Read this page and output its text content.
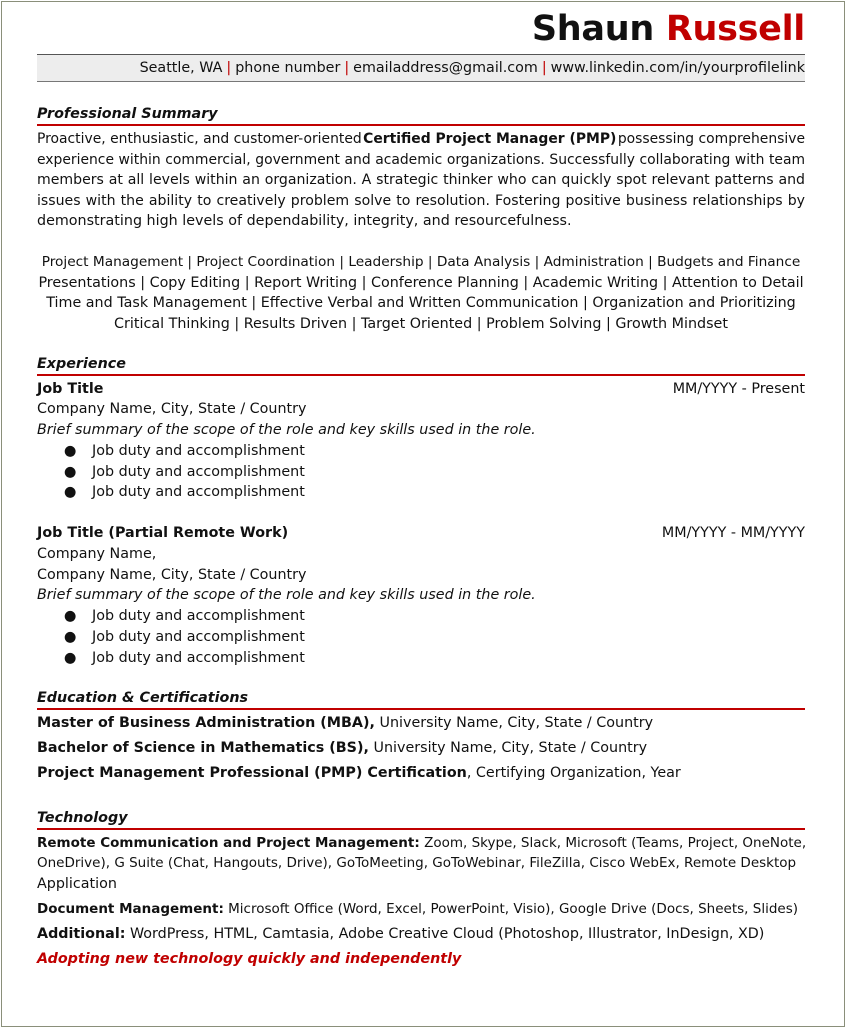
Shaun Russell
Seattle, WA | phone number | emailaddress@gmail.com | www.linkedin.com/in/yourprofilelink
Professional Summary
Proactive, enthusiastic, and customer-oriented Certified Project Manager (PMP) possessing comprehensive
experience within commercial, government and academic organizations. Successfully collaborating with team
members at all levels within an organization. A strategic thinker who can quickly spot relevant patterns and
issues with the ability to creatively problem solve to resolution. Fostering positive business relationships by
demonstrating high levels of dependability, integrity, and resourcefulness.
Project Management | Project Coordination | Leadership | Data Analysis | Administration | Budgets and Finance
Presentations | Copy Editing | Report Writing | Conference Planning | Academic Writing | Attention to Detail
Time and Task Management | Effective Verbal and Written Communication | Organization and Prioritizing
Critical Thinking | Results Driven | Target Oriented | Problem Solving | Growth Mindset
Experience
Job Title	MM/YYYY - Present
Company Name, City, State / Country
Brief summary of the scope of the role and key skills used in the role.
● Job duty and accomplishment
● Job duty and accomplishment
● Job duty and accomplishment
Job Title (Partial Remote Work)	MM/YYYY - MM/YYYY
Company Name,
Company Name, City, State / Country
Brief summary of the scope of the role and key skills used in the role.
● Job duty and accomplishment
● Job duty and accomplishment
● Job duty and accomplishment
Education & Certifications
Master of Business Administration (MBA), University Name, City, State / Country
Bachelor of Science in Mathematics (BS), University Name, City, State / Country
Project Management Professional (PMP) Certification, Certifying Organization, Year
Technology
Remote Communication and Project Management: Zoom, Skype, Slack, Microsoft (Teams, Project, OneNote,
OneDrive), G Suite (Chat, Hangouts, Drive), GoToMeeting, GoToWebinar, FileZilla, Cisco WebEx, Remote Desktop
Application
Document Management: Microsoft Office (Word, Excel, PowerPoint, Visio), Google Drive (Docs, Sheets, Slides)
Additional: WordPress, HTML, Camtasia, Adobe Creative Cloud (Photoshop, Illustrator, InDesign, XD)
Adopting new technology quickly and independently
